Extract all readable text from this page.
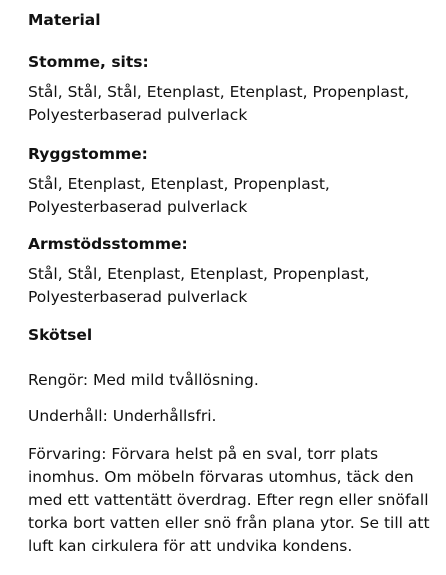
Material
Stomme, sits:

Stål, Stål, Stål, Etenplast, Etenplast, Propenplast,
Polyesterbaserad pulverlack

Ryggstomme:

Stål, Etenplast, Etenplast, Propenplast,
Polyesterbaserad pulverlack

Armstödsstomme:

Stål, Stål, Etenplast, Etenplast, Propenplast,
Polyesterbaserad pulverlack

Skötsel

Rengör: Med mild tvållösning.

Underhåll: Underhållsfri.

Förvaring: Förvara helst på en sval, torr plats
inomhus. Om möbeln förvaras utomhus, täck den
med ett vattentätt överdrag. Efter regn eller snöfall
torka bort vatten eller snö från plana ytor. Se till att
luft kan cirkulera för att undvika kondens.
